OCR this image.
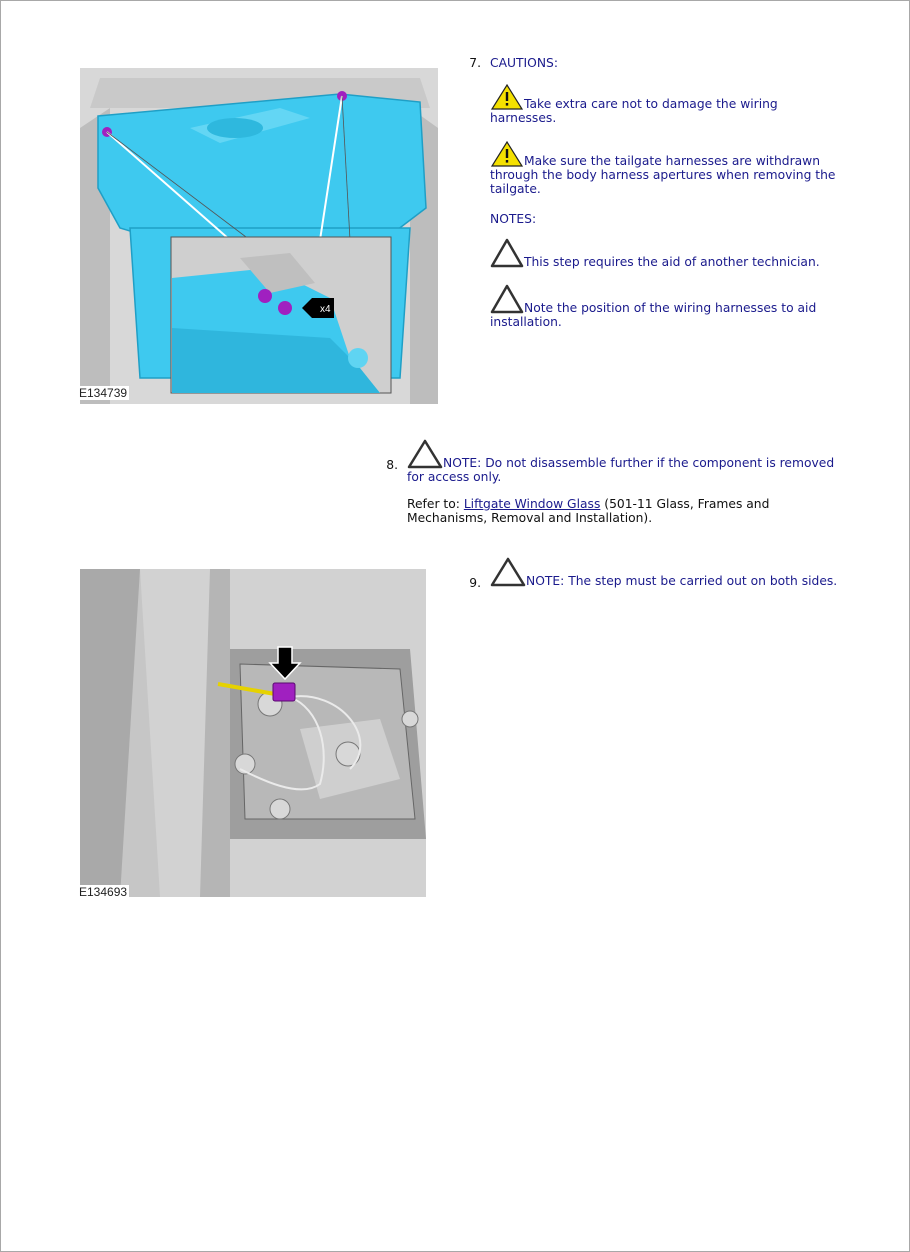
x4
E134739
7. CAUTIONS:
Take extra care not to damage the wiring harnesses.
Make sure the tailgate harnesses are withdrawn through the body harness apertures when removing the tailgate.
NOTES:
This step requires the aid of another technician.
Note the position of the wiring harnesses to aid installation.
8.	NOTE: Do not disassemble further if the component is removed for access only.
Refer to: Liftgate Window Glass (501-11 Glass, Frames and Mechanisms, Removal and Installation).
E134693
9.	NOTE: The step must be carried out on both sides.
